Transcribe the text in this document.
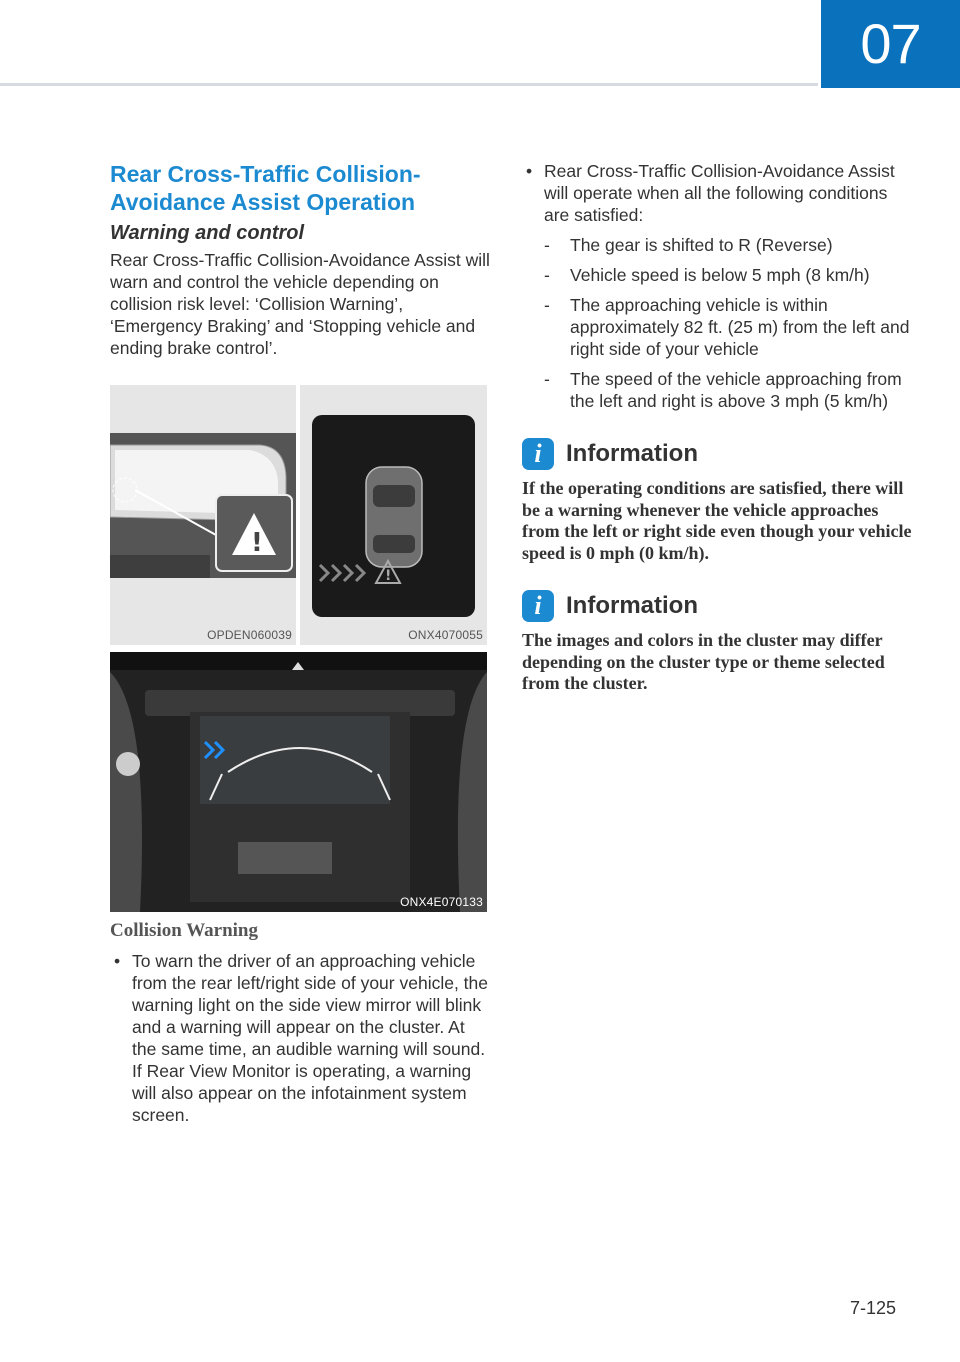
07
Rear Cross-Traffic Collision-Avoidance Assist Operation
Warning and control

Rear Cross-Traffic Collision-Avoidance Assist will warn and control the vehicle depending on collision risk level: ‘Collision Warning’, ‘Emergency Braking’ and ‘Stopping vehicle and ending brake control’.

!
OPDEN060039
!
ONX4070055
ONX4E070133
Collision Warning
• To warn the driver of an approaching vehicle from the rear left/right side of your vehicle, the warning light on the side view mirror will blink and a warning will appear on the cluster. At the same time, an audible warning will sound. If Rear View Monitor is operating, a warning will also appear on the infotainment system screen.
• Rear Cross-Traffic Collision-Avoidance Assist will operate when all the following conditions are satisfied:
- The gear is shifted to R (Reverse)
- Vehicle speed is below 5 mph (8 km/h)
- The approaching vehicle is within approximately 82 ft. (25 m) from the left and right side of your vehicle
- The speed of the vehicle approaching from the left and right is above 3 mph (5 km/h)
i	Information
If the operating conditions are satisfied, there will be a warning whenever the vehicle approaches from the left or right side even though your vehicle speed is 0 mph (0 km/h).
i	Information
The images and colors in the cluster may differ depending on the cluster type or theme selected from the cluster.
7-125
